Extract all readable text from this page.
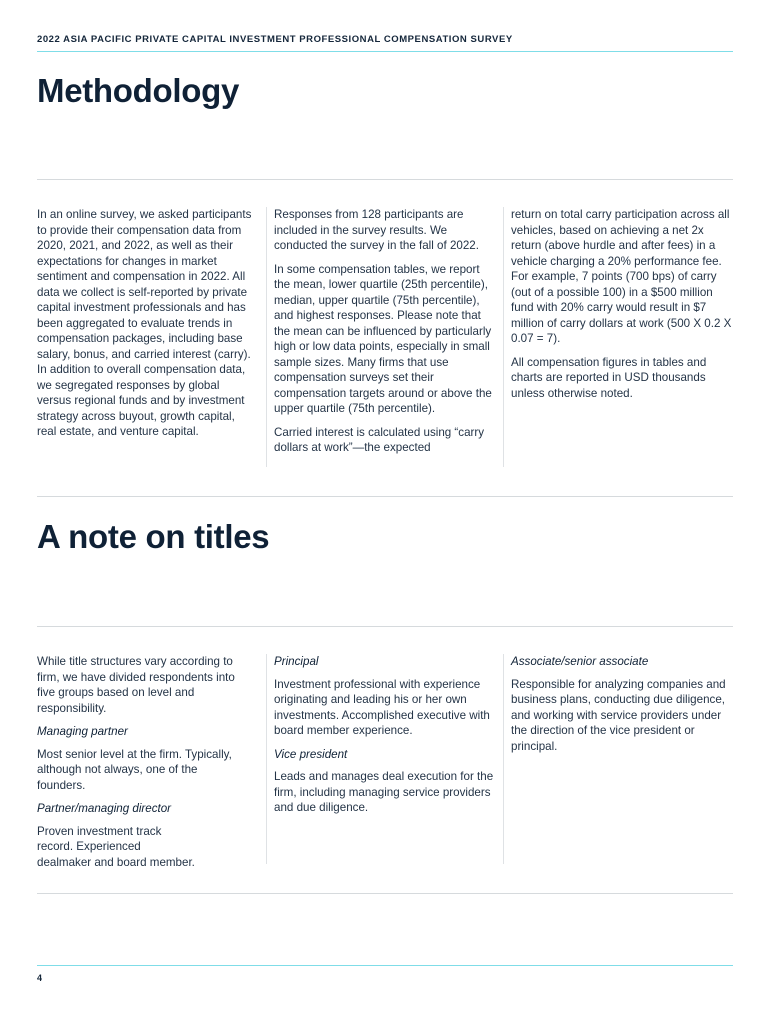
2022 ASIA PACIFIC PRIVATE CAPITAL INVESTMENT PROFESSIONAL COMPENSATION SURVEY
Methodology

In an online survey, we asked participants to provide their compensation data from 2020, 2021, and 2022, as well as their expectations for changes in market sentiment and compensation in 2022. All data we collect is self-reported by private capital investment professionals and has been aggregated to evaluate trends in compensation packages, including base salary, bonus, and carried interest (carry). In addition to overall compensation data, we segregated responses by global versus regional funds and by investment strategy across buyout, growth capital, real estate, and venture capital.

Responses from 128 participants are included in the survey results. We conducted the survey in the fall of 2022.

In some compensation tables, we report the mean, lower quartile (25th percentile), median, upper quartile (75th percentile), and highest responses. Please note that the mean can be influenced by particularly high or low data points, especially in small sample sizes. Many firms that use compensation surveys set their compensation targets around or above the upper quartile (75th percentile).

Carried interest is calculated using “carry dollars at work”—the expected

return on total carry participation across all vehicles, based on achieving a net 2x return (above hurdle and after fees) in a vehicle charging a 20% performance fee. For example, 7 points (700 bps) of carry (out of a possible 100) in a $500 million fund with 20% carry would result in $7 million of carry dollars at work (500 X 0.2 X 0.07 = 7).

All compensation figures in tables and charts are reported in USD thousands unless otherwise noted.

A note on titles

While title structures vary according to firm, we have divided respondents into five groups based on level and responsibility.

Managing partner

Most senior level at the firm. Typically, although not always, one of the founders.

Partner/managing director

Proven investment track record. Experienced dealmaker and board member.

Principal

Investment professional with experience originating and leading his or her own investments. Accomplished executive with board member experience.

Vice president

Leads and manages deal execution for the firm, including managing service providers and due diligence.

Associate/senior associate

Responsible for analyzing companies and business plans, conducting due diligence, and working with service providers under the direction of the vice president or principal.

4
